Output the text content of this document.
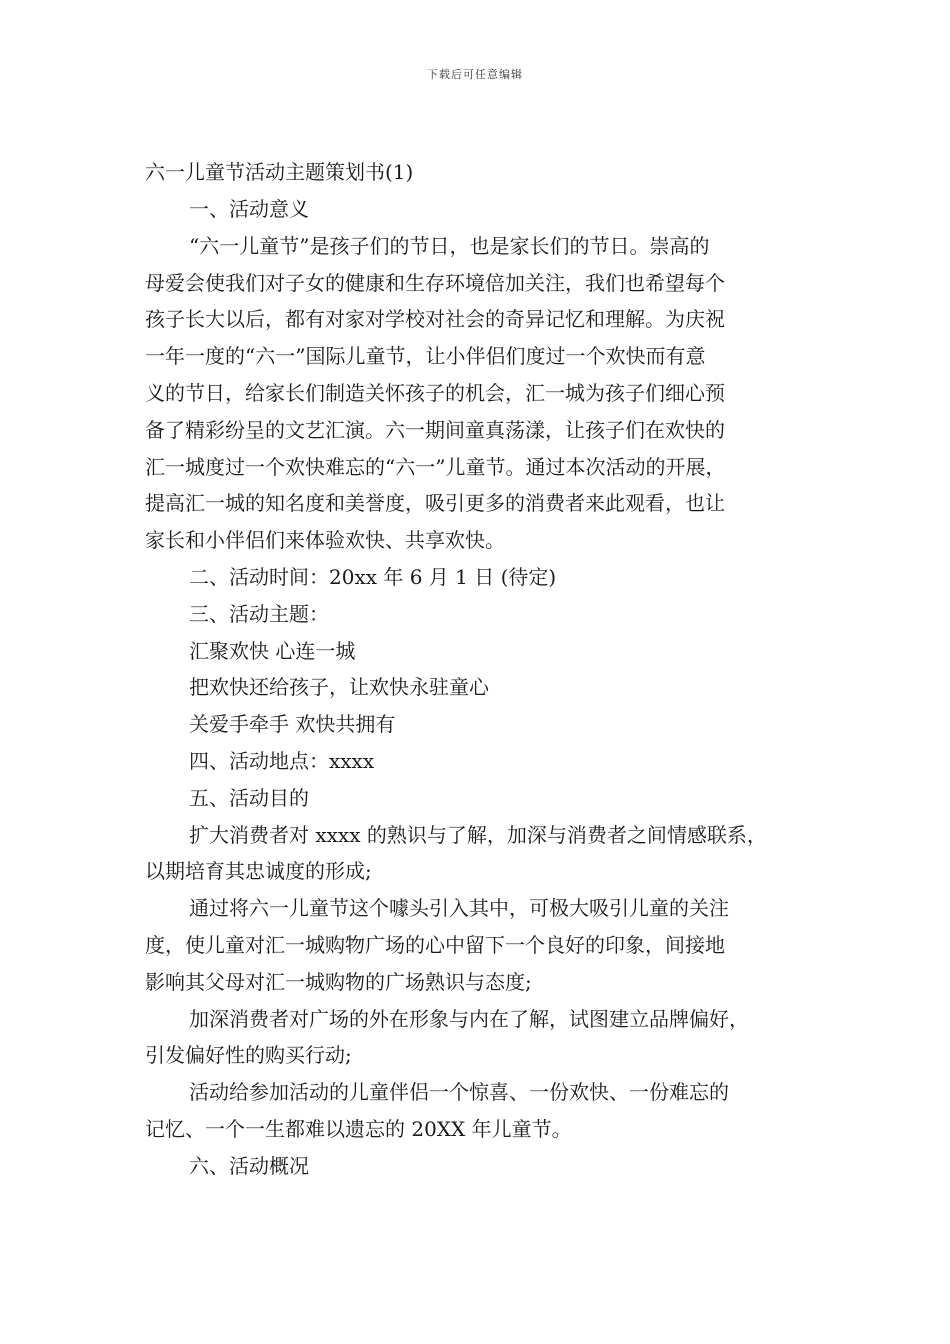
下载后可任意编辑
六一儿童节活动主题策划书(1)
一、活动意义
“六一儿童节”是孩子们的节日，也是家长们的节日。崇高的
母爱会使我们对子女的健康和生存环境倍加关注，我们也希望每个
孩子长大以后，都有对家对学校对社会的奇异记忆和理解。为庆祝
一年一度的“六一”国际儿童节，让小伴侣们度过一个欢快而有意
义的节日，给家长们制造关怀孩子的机会，汇一城为孩子们细心预
备了精彩纷呈的文艺汇演。六一期间童真荡漾，让孩子们在欢快的
汇一城度过一个欢快难忘的“六一”儿童节。通过本次活动的开展，
提高汇一城的知名度和美誉度，吸引更多的消费者来此观看，也让
家长和小伴侣们来体验欢快、共享欢快。
二、活动时间：20xx 年 6 月 1 日 (待定)
三、活动主题：
汇聚欢快 心连一城
把欢快还给孩子，让欢快永驻童心
关爱手牵手 欢快共拥有
四、活动地点：xxxx
五、活动目的
扩大消费者对 xxxx 的熟识与了解，加深与消费者之间情感联系，
以期培育其忠诚度的形成;
通过将六一儿童节这个噱头引入其中，可极大吸引儿童的关注
度，使儿童对汇一城购物广场的心中留下一个良好的印象，间接地
影响其父母对汇一城购物的广场熟识与态度;
加深消费者对广场的外在形象与内在了解，试图建立品牌偏好，
引发偏好性的购买行动;
活动给参加活动的儿童伴侣一个惊喜、一份欢快、一份难忘的
记忆、一个一生都难以遗忘的 20XX 年儿童节。
六、活动概况
